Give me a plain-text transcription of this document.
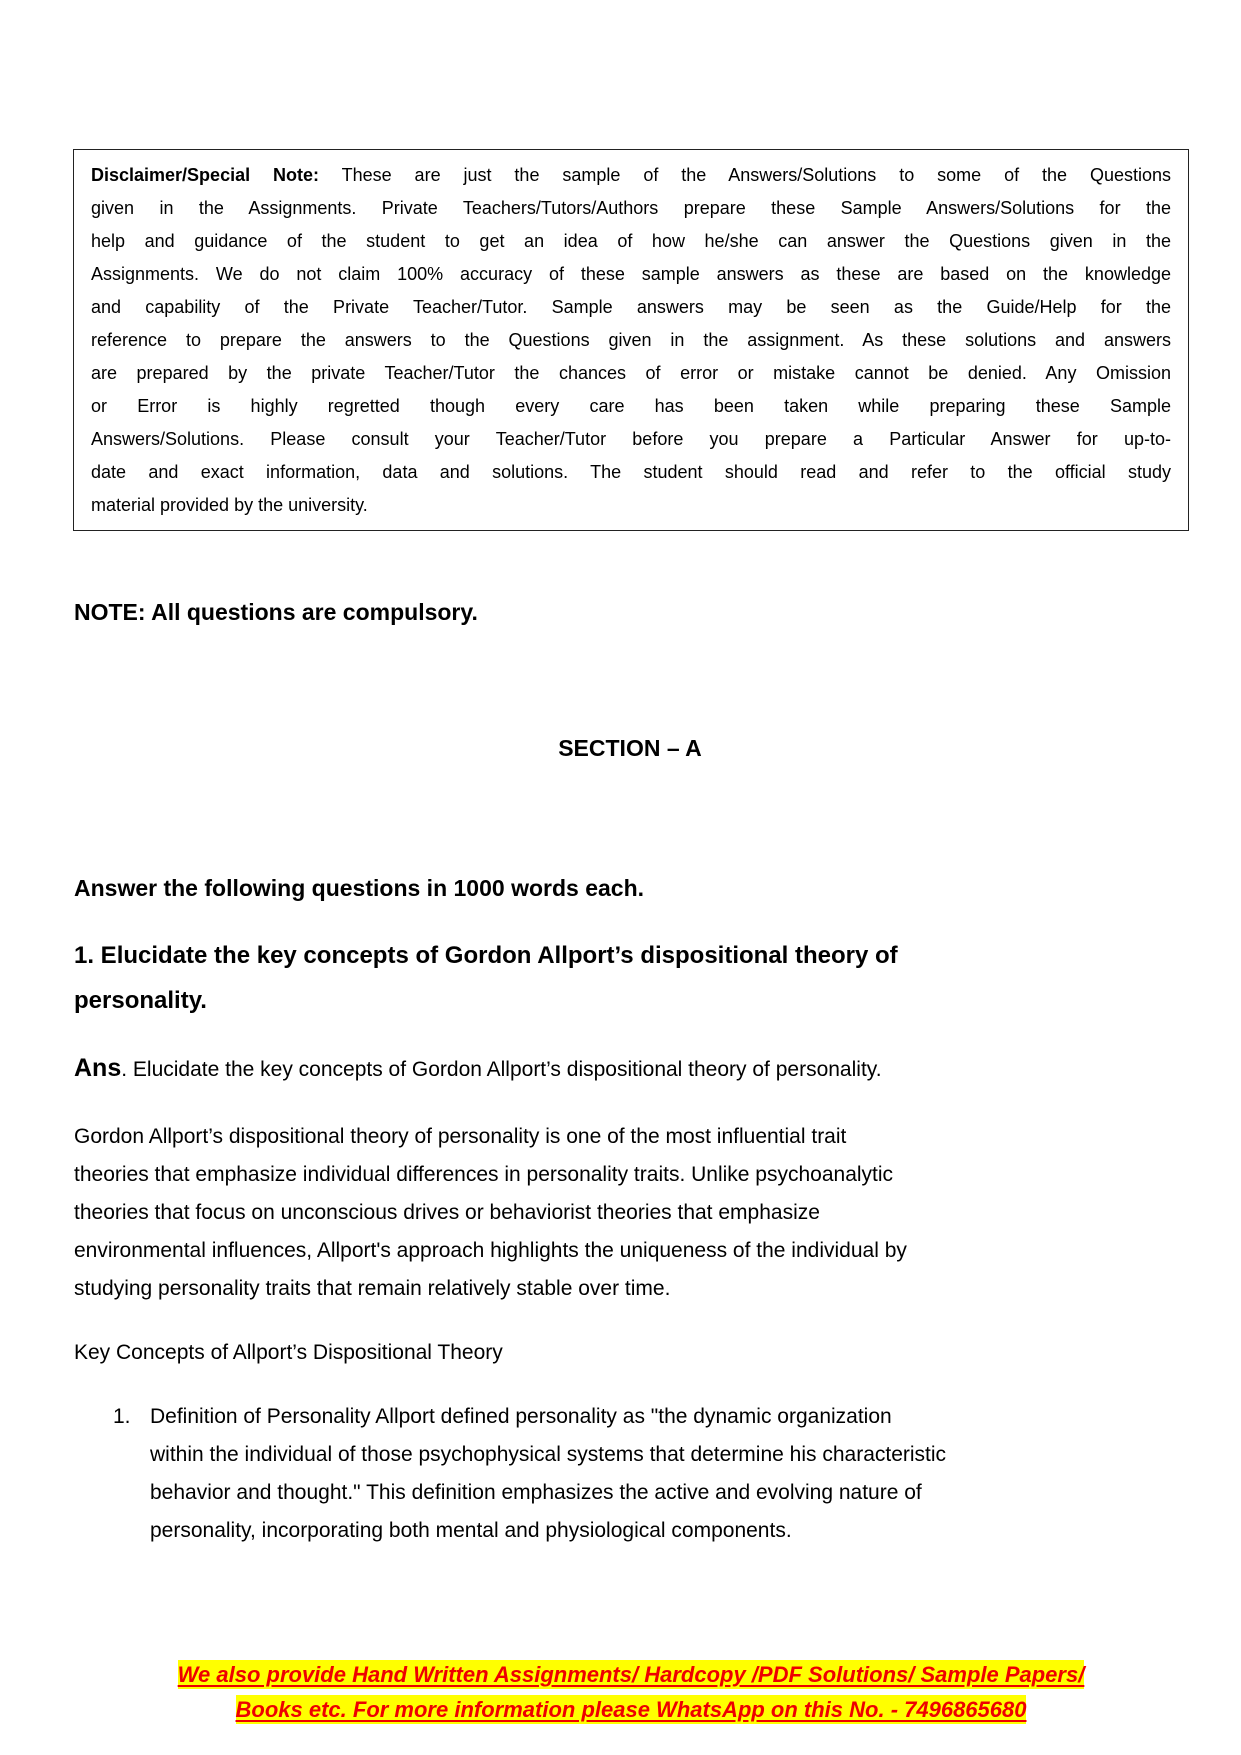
Disclaimer/Special Note: These are just the sample of the Answers/Solutions to some of the Questions
given in the Assignments. Private Teachers/Tutors/Authors prepare these Sample Answers/Solutions for the
help and guidance of the student to get an idea of how he/she can answer the Questions given in the
Assignments. We do not claim 100% accuracy of these sample answers as these are based on the knowledge
and capability of the Private Teacher/Tutor. Sample answers may be seen as the Guide/Help for the
reference to prepare the answers to the Questions given in the assignment. As these solutions and answers
are prepared by the private Teacher/Tutor the chances of error or mistake cannot be denied. Any Omission
or Error is highly regretted though every care has been taken while preparing these Sample
Answers/Solutions. Please consult your Teacher/Tutor before you prepare a Particular Answer for up-to-
date and exact information, data and solutions. The student should read and refer to the official study
material provided by the university.
NOTE: All questions are compulsory.
SECTION – A
Answer the following questions in 1000 words each.
1. Elucidate the key concepts of Gordon Allport’s dispositional theory of
personality.
Ans. Elucidate the key concepts of Gordon Allport’s dispositional theory of personality.
Gordon Allport’s dispositional theory of personality is one of the most influential trait
theories that emphasize individual differences in personality traits. Unlike psychoanalytic
theories that focus on unconscious drives or behaviorist theories that emphasize
environmental influences, Allport's approach highlights the uniqueness of the individual by
studying personality traits that remain relatively stable over time.
Key Concepts of Allport’s Dispositional Theory
1. Definition of Personality Allport defined personality as "the dynamic organization
within the individual of those psychophysical systems that determine his characteristic
behavior and thought." This definition emphasizes the active and evolving nature of
personality, incorporating both mental and physiological components.
We also provide Hand Written Assignments/ Hardcopy /PDF Solutions/ Sample Papers/
Books etc. For more information please WhatsApp on this No. - 7496865680
